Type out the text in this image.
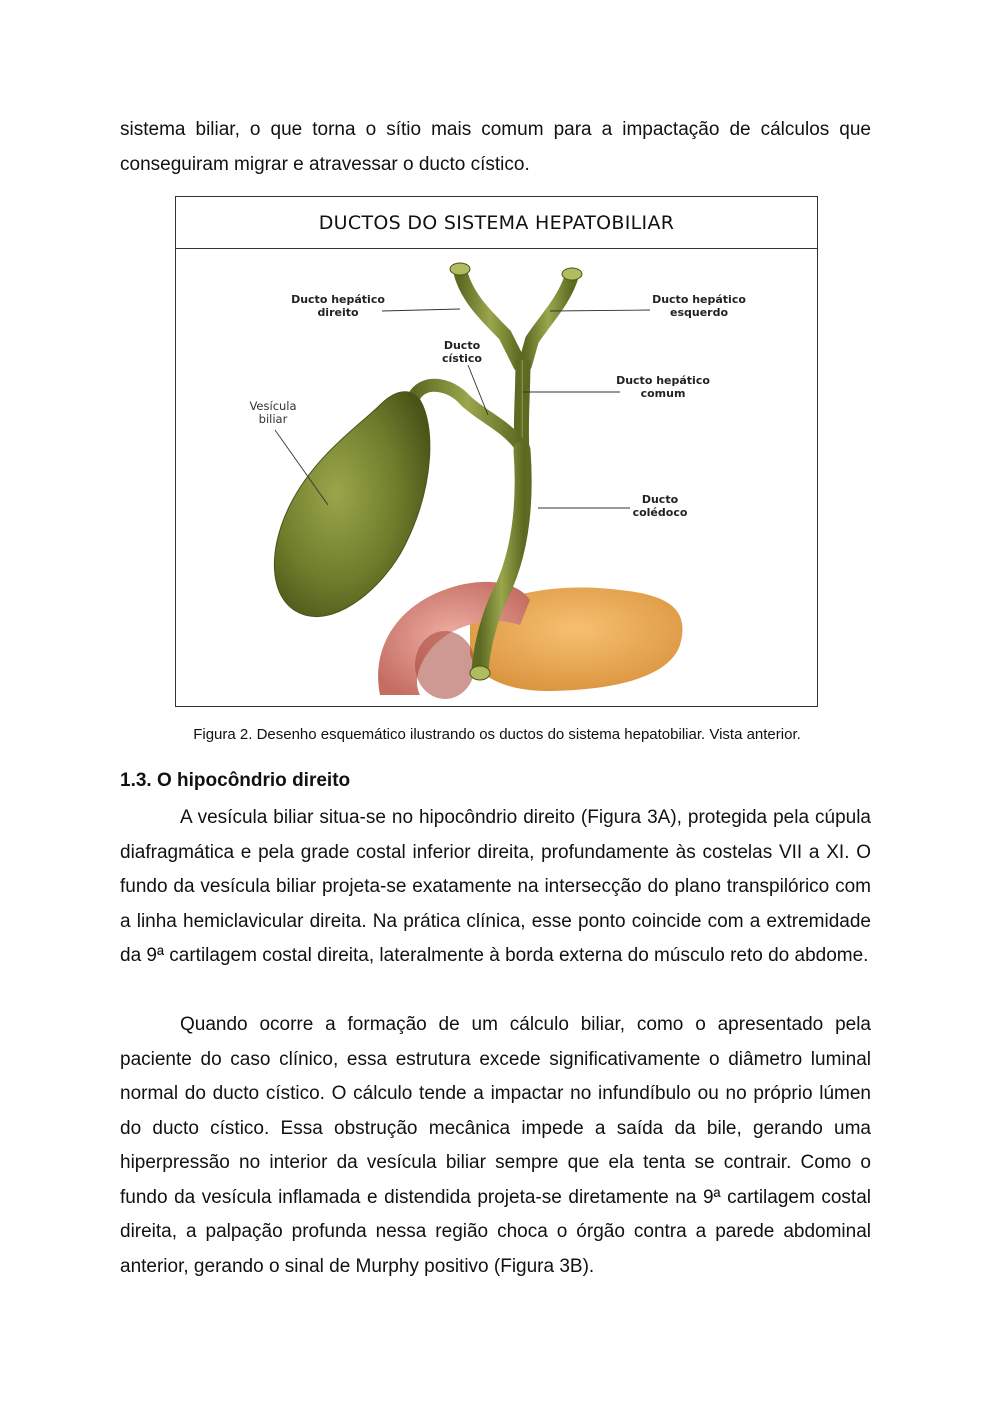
sistema biliar, o que torna o sítio mais comum para a impactação de cálculos que conseguiram migrar e atravessar o ducto cístico.

DUCTOS DO SISTEMA HEPATOBILIAR
Ducto hepático
direito
Ducto hepático
esquerdo
Ducto
cístico
Ducto hepático
comum
Vesícula
biliar
Ducto
colédoco
Figura 2. Desenho esquemático ilustrando os ductos do sistema hepatobiliar. Vista anterior.
1.3. O hipocôndrio direito

A vesícula biliar situa-se no hipocôndrio direito (Figura 3A), protegida pela cúpula diafragmática e pela grade costal inferior direita, profundamente às costelas VII a XI. O fundo da vesícula biliar projeta-se exatamente na intersecção do plano transpilórico com a linha hemiclavicular direita. Na prática clínica, esse ponto coincide com a extremidade da 9ª cartilagem costal direita, lateralmente à borda externa do músculo reto do abdome.

Quando ocorre a formação de um cálculo biliar, como o apresentado pela paciente do caso clínico, essa estrutura excede significativamente o diâmetro luminal normal do ducto cístico. O cálculo tende a impactar no infundíbulo ou no próprio lúmen do ducto cístico. Essa obstrução mecânica impede a saída da bile, gerando uma hiperpressão no interior da vesícula biliar sempre que ela tenta se contrair. Como o fundo da vesícula inflamada e distendida projeta-se diretamente na 9ª cartilagem costal direita, a palpação profunda nessa região choca o órgão contra a parede abdominal anterior, gerando o sinal de Murphy positivo (Figura 3B).
